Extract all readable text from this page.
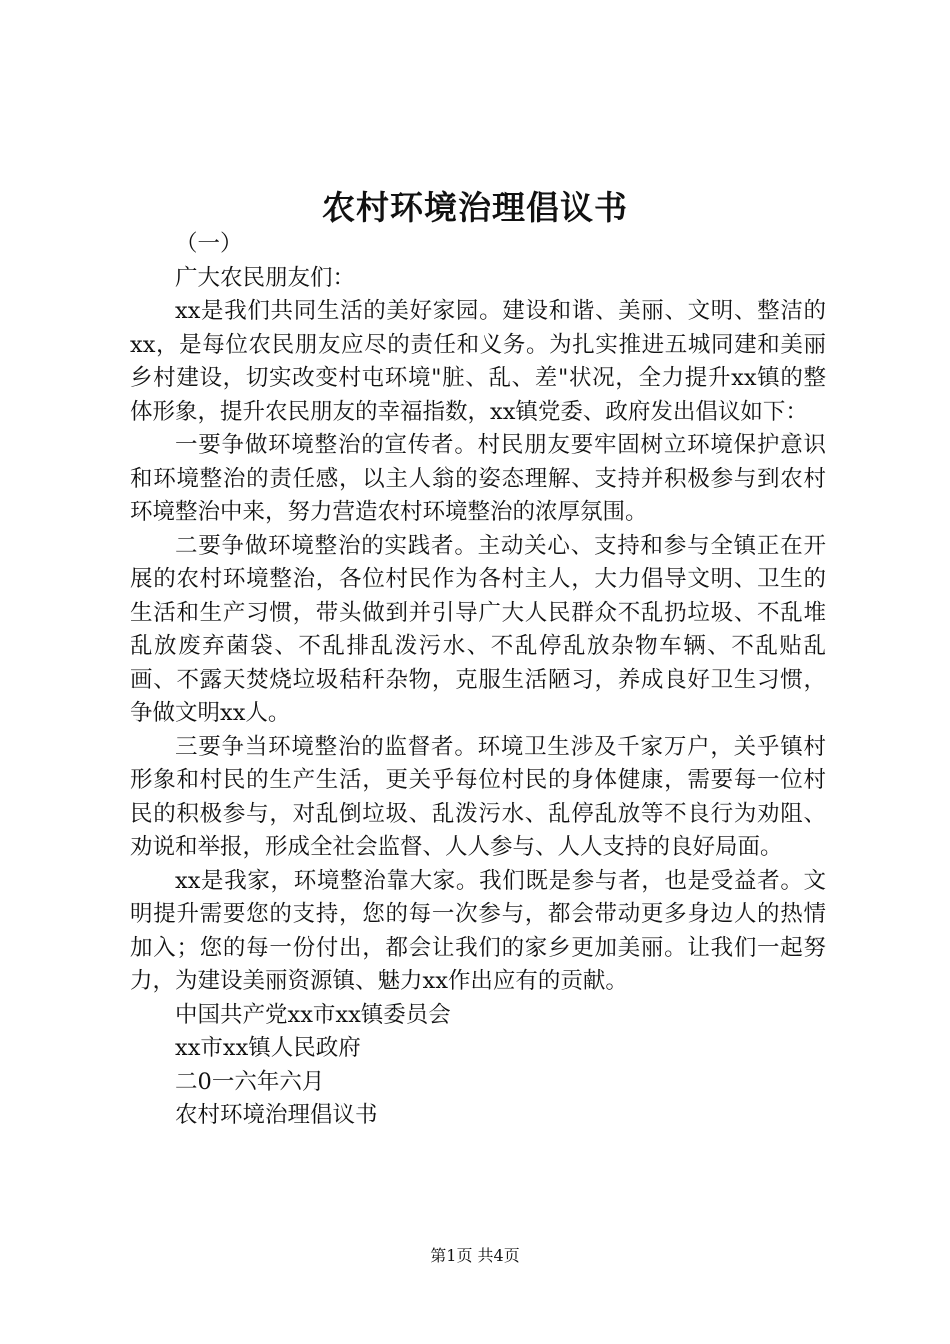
农村环境治理倡议书

（一）

广大农民朋友们：

xx是我们共同生活的美好家园。建设和谐、美丽、文明、整洁的xx，是每位农民朋友应尽的责任和义务。为扎实推进五城同建和美丽乡村建设，切实改变村屯环境"脏、乱、差"状况，全力提升xx镇的整体形象，提升农民朋友的幸福指数，xx镇党委、政府发出倡议如下：

一要争做环境整治的宣传者。村民朋友要牢固树立环境保护意识和环境整治的责任感，以主人翁的姿态理解、支持并积极参与到农村环境整治中来，努力营造农村环境整治的浓厚氛围。

二要争做环境整治的实践者。主动关心、支持和参与全镇正在开展的农村环境整治，各位村民作为各村主人，大力倡导文明、卫生的生活和生产习惯，带头做到并引导广大人民群众不乱扔垃圾、不乱堆乱放废弃菌袋、不乱排乱泼污水、不乱停乱放杂物车辆、不乱贴乱画、不露天焚烧垃圾秸秆杂物，克服生活陋习，养成良好卫生习惯，争做文明xx人。

三要争当环境整治的监督者。环境卫生涉及千家万户，关乎镇村形象和村民的生产生活，更关乎每位村民的身体健康，需要每一位村民的积极参与，对乱倒垃圾、乱泼污水、乱停乱放等不良行为劝阻、劝说和举报，形成全社会监督、人人参与、人人支持的良好局面。

xx是我家，环境整治靠大家。我们既是参与者，也是受益者。文明提升需要您的支持，您的每一次参与，都会带动更多身边人的热情加入；您的每一份付出，都会让我们的家乡更加美丽。让我们一起努力，为建设美丽资源镇、魅力xx作出应有的贡献。

中国共产党xx市xx镇委员会

xx市xx镇人民政府

二0一六年六月

农村环境治理倡议书

第1页 共4页
